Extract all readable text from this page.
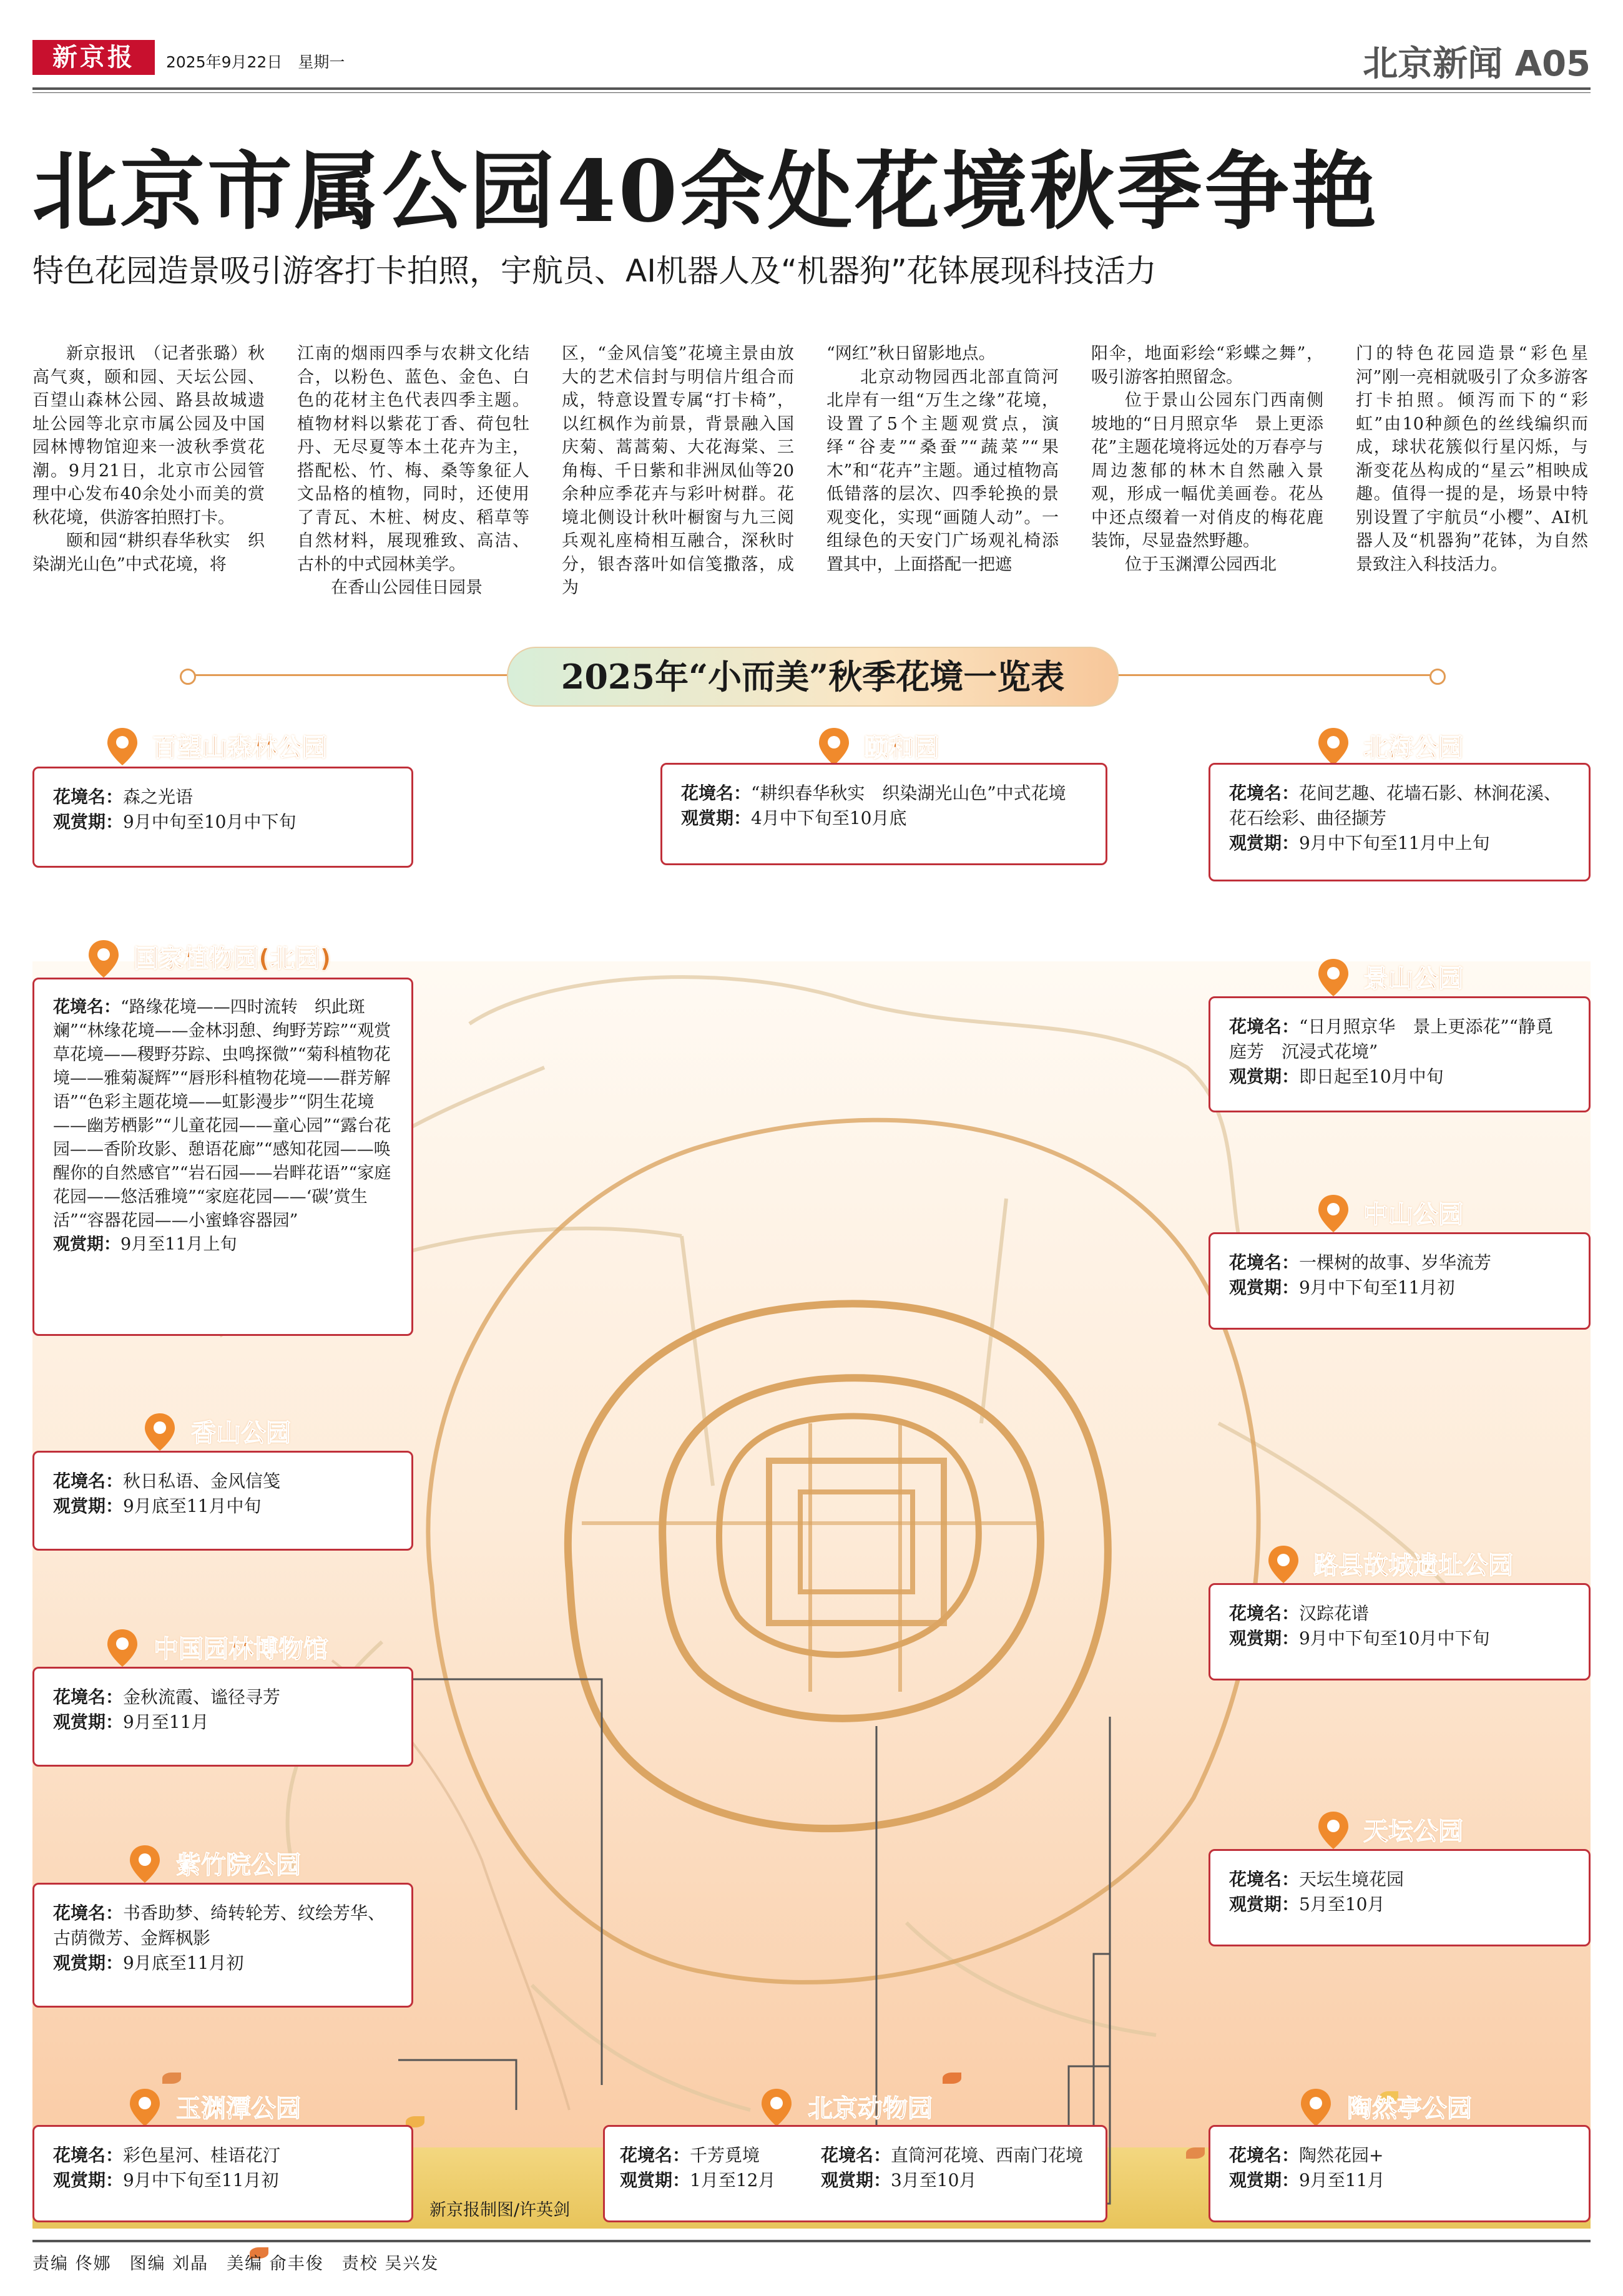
新京报	2025年9月22日　星期一	北京新闻 A05
北京市属公园40余处花境秋季争艳
特色花园造景吸引游客打卡拍照，宇航员、AI机器人及“机器狗”花钵展现科技活力

新京报讯　（记者张璐）秋高气爽，颐和园、天坛公园、百望山森林公园、路县故城遗址公园等北京市属公园及中国园林博物馆迎来一波秋季赏花潮。9月21日，北京市公园管理中心发布40余处小而美的赏秋花境，供游客拍照打卡。

颐和园“耕织春华秋实　织染湖光山色”中式花境，将

江南的烟雨四季与农耕文化结合，以粉色、蓝色、金色、白色的花材主色代表四季主题。植物材料以紫花丁香、荷包牡丹、无尽夏等本土花卉为主，搭配松、竹、梅、桑等象征人文品格的植物，同时，还使用了青瓦、木桩、树皮、稻草等自然材料，展现雅致、高洁、古朴的中式园林美学。

在香山公园佳日园景

区，“金风信笺”花境主景由放大的艺术信封与明信片组合而成，特意设置专属“打卡椅”，以红枫作为前景，背景融入国庆菊、蒿蒿菊、大花海棠、三角梅、千日紫和非洲凤仙等20余种应季花卉与彩叶树群。花境北侧设计秋叶橱窗与九三阅兵观礼座椅相互融合，深秋时分，银杏落叶如信笺撒落，成为

“网红”秋日留影地点。

北京动物园西北部直筒河北岸有一组“万生之缘”花境，设置了5个主题观赏点，演绎“谷麦”“桑蚕”“蔬菜”“果木”和“花卉”主题。通过植物高低错落的层次、四季轮换的景观变化，实现“画随人动”。一组绿色的天安门广场观礼椅添置其中，上面搭配一把遮

阳伞，地面彩绘“彩蝶之舞”，吸引游客拍照留念。

位于景山公园东门西南侧坡地的“日月照京华　景上更添花”主题花境将远处的万春亭与周边葱郁的林木自然融入景观，形成一幅优美画卷。花丛中还点缀着一对俏皮的梅花鹿装饰，尽显盎然野趣。

位于玉渊潭公园西北

门的特色花园造景“彩色星河”刚一亮相就吸引了众多游客打卡拍照。倾泻而下的“彩虹”由10种颜色的丝线编织而成，球状花簇似行星闪烁，与渐变花丛构成的“星云”相映成趣。值得一提的是，场景中特别设置了宇航员“小樱”、AI机器人及“机器狗”花钵，为自然景致注入科技活力。

2025年“小而美”秋季花境一览表
百望山森林公园
花境名：森之光语
观赏期：9月中旬至10月中下旬
颐和园
花境名：“耕织春华秋实　织染湖光山色”中式花境
观赏期：4月中下旬至10月底
北海公园
花境名：花间艺趣、花墙石影、林涧花溪、花石绘彩、曲径撷芳
观赏期：9月中下旬至11月中上旬
国家植物园(北园)
花境名：“路缘花境——四时流转　织此斑斓”“林缘花境——金林羽憩、绚野芳踪”“观赏草花境——稷野芬踪、虫鸣探微”“菊科植物花境——雅菊凝辉”“唇形科植物花境——群芳解语”“色彩主题花境——虹影漫步”“阴生花境——幽芳栖影”“儿童花园——童心园”“露台花园——香阶玫影、憩语花廊”“感知花园——唤醒你的自然感官”“岩石园——岩畔花语”“家庭花园——悠活雅境”“家庭花园——‘碳’赏生活”“容器花园——小蜜蜂容器园”
观赏期：9月至11月上旬
景山公园
花境名：“日月照京华　景上更添花”“静覓庭芳　沉浸式花境”
观赏期：即日起至10月中旬
中山公园
花境名：一棵树的故事、岁华流芳
观赏期：9月中下旬至11月初
香山公园
花境名：秋日私语、金风信笺
观赏期：9月底至11月中旬
路县故城遗址公园
花境名：汉踪花谱
观赏期：9月中下旬至10月中下旬
中国园林博物馆
花境名：金秋流霞、谧径寻芳
观赏期：9月至11月
天坛公园
花境名：天坛生境花园
观赏期：5月至10月
紫竹院公园
花境名：书香助梦、绮转轮芳、纹绘芳华、古荫微芳、金辉枫影
观赏期：9月底至11月初
玉渊潭公园
花境名：彩色星河、桂语花汀
观赏期：9月中下旬至11月初
北京动物园
花境名：千芳覓境
观赏期：1月至12月
花境名：直筒河花境、西南门花境
观赏期：3月至10月
陶然亭公园
花境名：陶然花园+
观赏期：9月至11月
新京报制图/许英剑
责编 佟娜　图编 刘晶　美编 俞丰俊　责校 吴兴发
